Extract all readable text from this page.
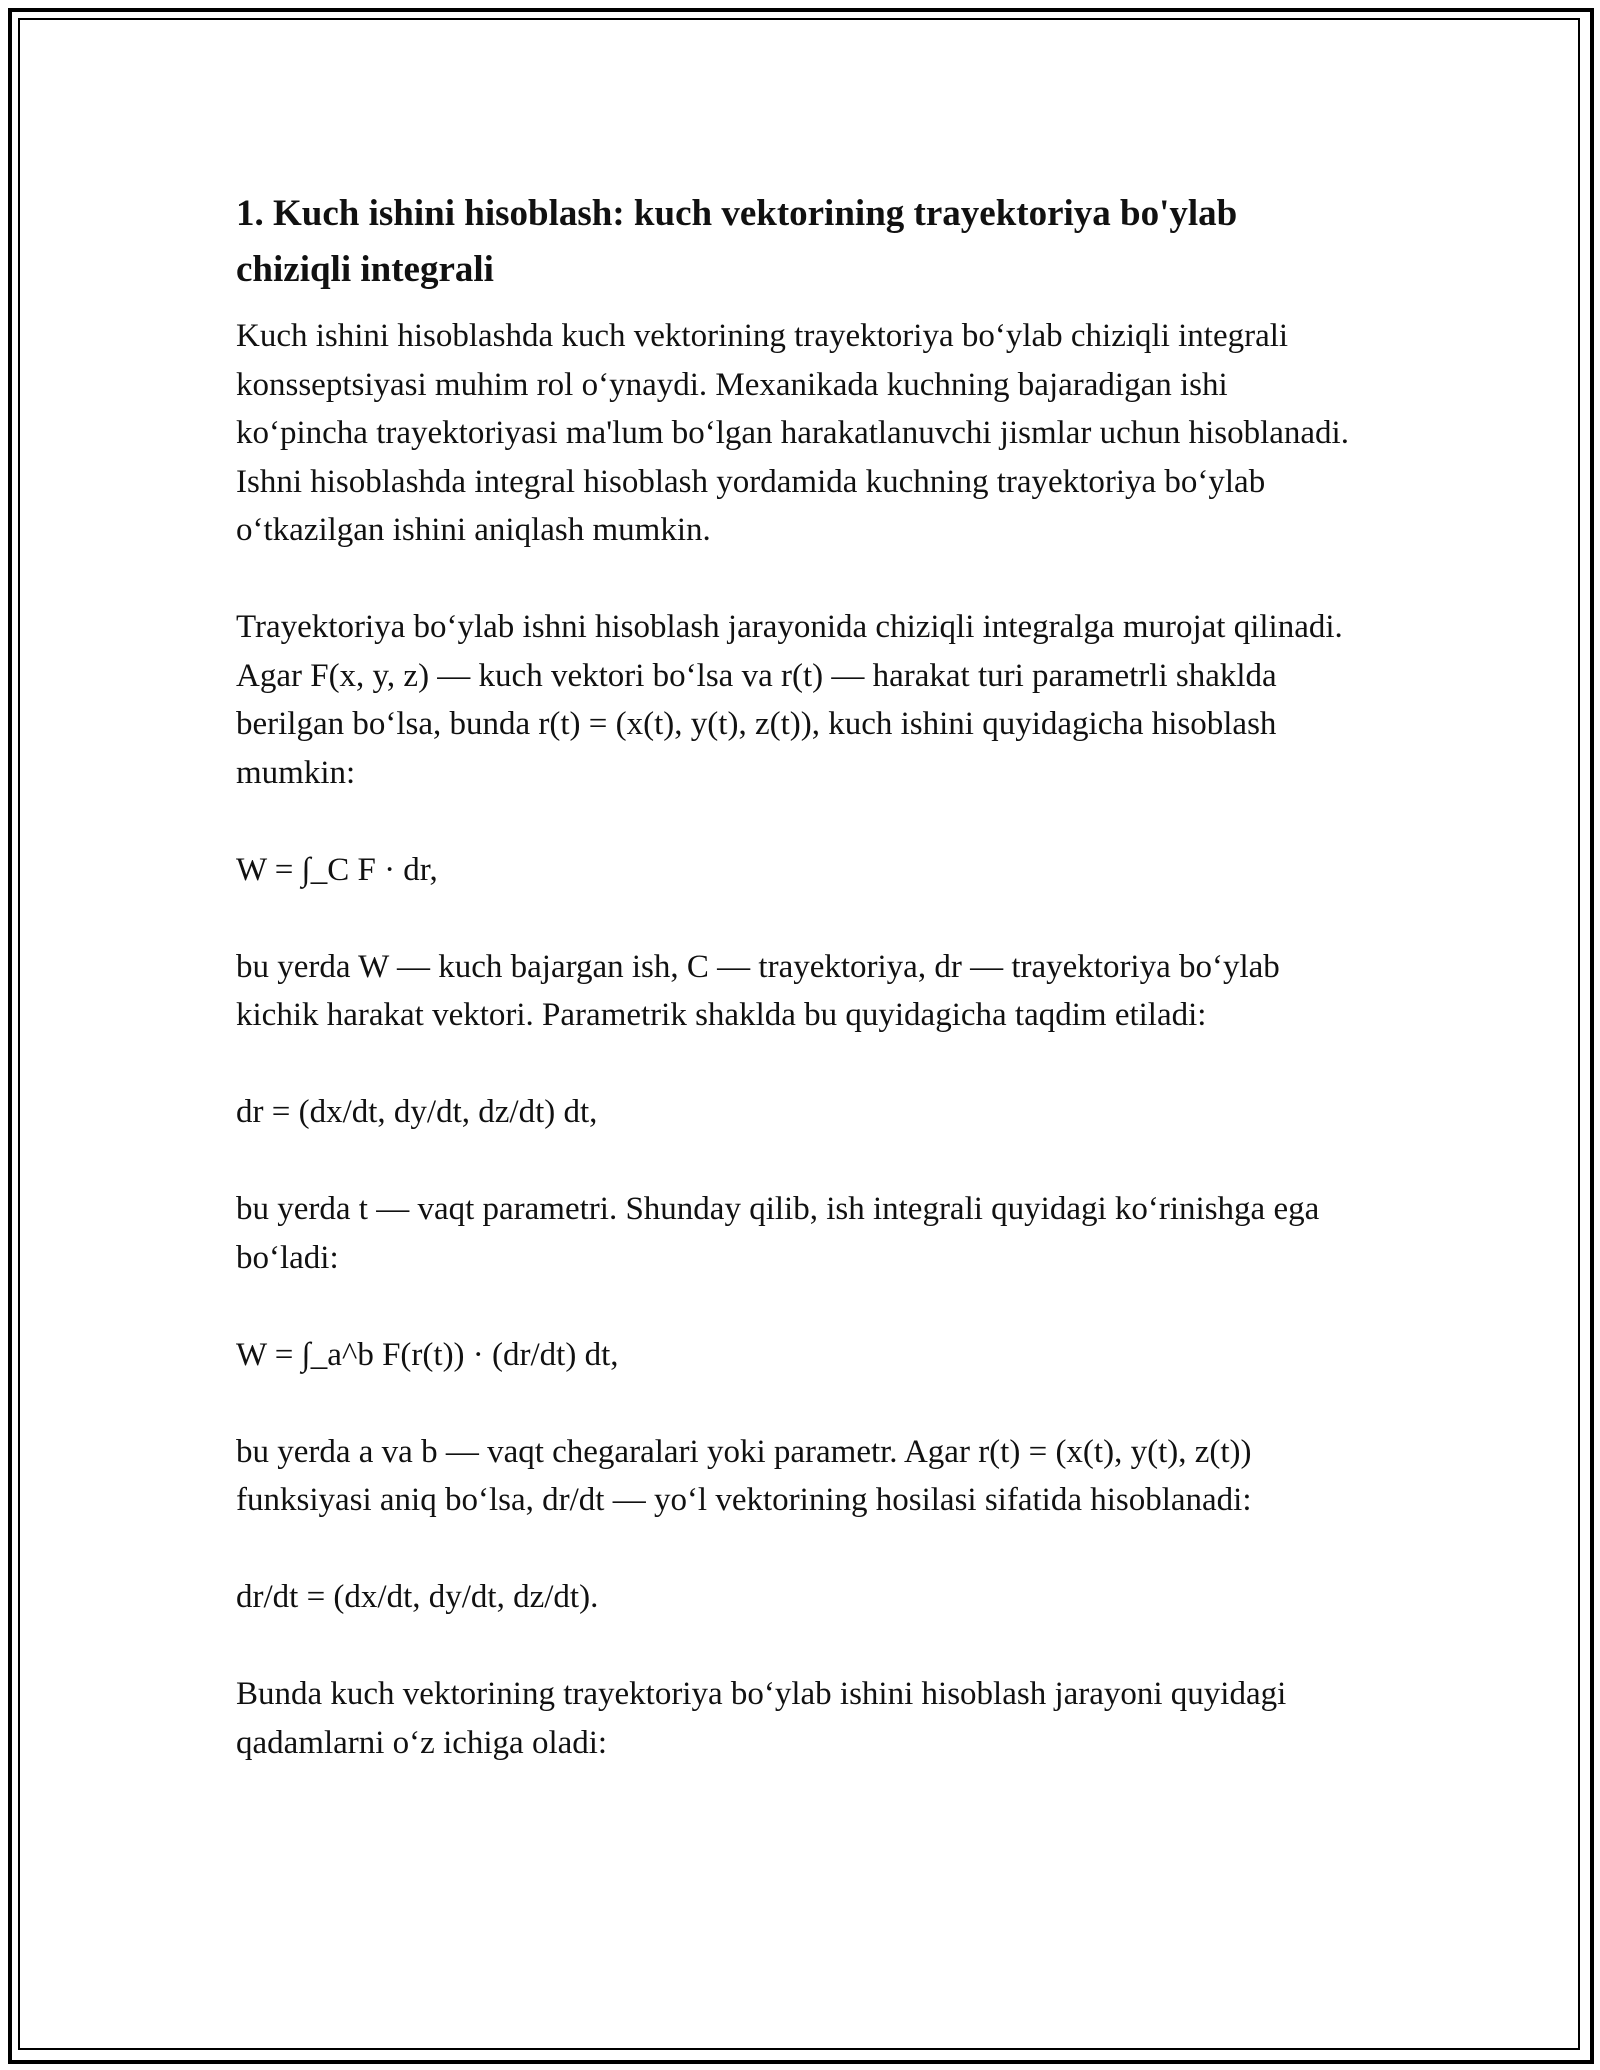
1. Kuch ishini hisoblash: kuch vektorining trayektoriya bo'ylab chiziqli integrali

Kuch ishini hisoblashda kuch vektorining trayektoriya bo‘ylab chiziqli integrali konsseptsiyasi muhim rol o‘ynaydi. Mexanikada kuchning bajaradigan ishi ko‘pincha trayektoriyasi ma'lum bo‘lgan harakatlanuvchi jismlar uchun hisoblanadi. Ishni hisoblashda integral hisoblash yordamida kuchning trayektoriya bo‘ylab o‘tkazilgan ishini aniqlash mumkin.

Trayektoriya bo‘ylab ishni hisoblash jarayonida chiziqli integralga murojat qilinadi. Agar F(x, y, z) — kuch vektori bo‘lsa va r(t) — harakat turi parametrli shaklda berilgan bo‘lsa, bunda r(t) = (x(t), y(t), z(t)), kuch ishini quyidagicha hisoblash mumkin:

W = ∫_C F · dr,

bu yerda W — kuch bajargan ish, C — trayektoriya, dr — trayektoriya bo‘ylab kichik harakat vektori. Parametrik shaklda bu quyidagicha taqdim etiladi:

dr = (dx/dt, dy/dt, dz/dt) dt,

bu yerda t — vaqt parametri. Shunday qilib, ish integrali quyidagi ko‘rinishga ega bo‘ladi:

W = ∫_a^b F(r(t)) · (dr/dt) dt,

bu yerda a va b — vaqt chegaralari yoki parametr. Agar r(t) = (x(t), y(t), z(t)) funksiyasi aniq bo‘lsa, dr/dt — yo‘l vektorining hosilasi sifatida hisoblanadi:

dr/dt = (dx/dt, dy/dt, dz/dt).

Bunda kuch vektorining trayektoriya bo‘ylab ishini hisoblash jarayoni quyidagi qadamlarni o‘z ichiga oladi:
